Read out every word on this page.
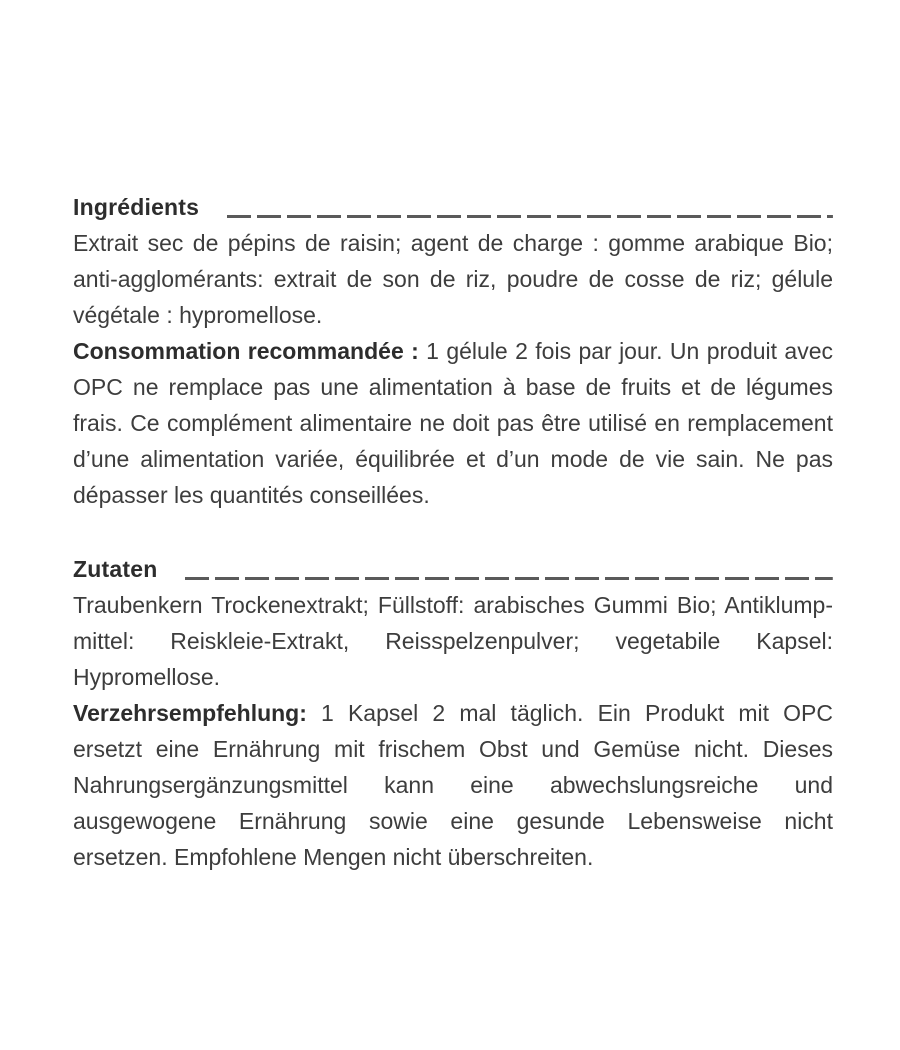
Ingrédients

Extrait sec de pépins de raisin; agent de charge : gomme arabique Bio;
anti-agglomérants: extrait de son de riz, poudre de cosse de riz; gélule
végétale : hypromellose.

Consommation recommandée : 1 gélule 2 fois par jour. Un produit avec
OPC ne remplace pas une alimentation à base de fruits et de légumes
frais. Ce complément alimentaire ne doit pas être utilisé en remplacement
d’une alimentation variée, équilibrée et d’un mode de vie sain. Ne pas
dépasser les quantités conseillées.

Zutaten

Traubenkern Trockenextrakt; Füllstoff: arabisches Gummi Bio; Antiklump-
mittel: Reiskleie-Extrakt, Reisspelzenpulver; vegetabile Kapsel:
Hypromellose.

Verzehrsempfehlung: 1 Kapsel 2 mal täglich. Ein Produkt mit OPC
ersetzt eine Ernährung mit frischem Obst und Gemüse nicht. Dieses
Nahrungsergänzungsmittel kann eine abwechslungsreiche und
ausgewogene Ernährung sowie eine gesunde Lebensweise nicht
ersetzen. Empfohlene Mengen nicht überschreiten.
